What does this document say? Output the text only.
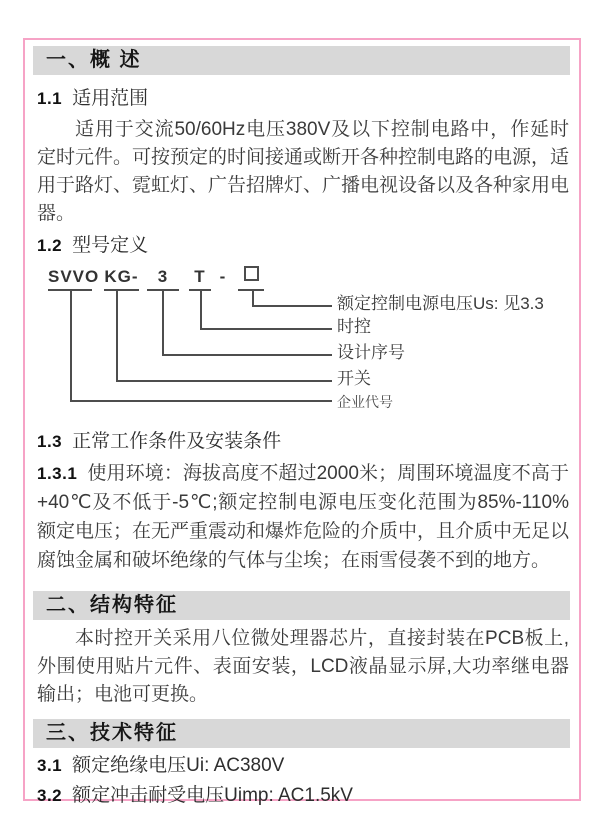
一、概 述

1.1 适用范围

适用于交流50/60Hz电压380V及以下控制电路中，作延时定时元件。可按预定的时间接通或断开各种控制电路的电源，适用于路灯、霓虹灯、广告招牌灯、广播电视设备以及各种家用电器。

1.2 型号定义

SVVO KG-	3	T -
额定控制电源电压Us: 见3.3
时控
设计序号
开关
企业代号

1.3 正常工作条件及安装条件

1.3.1 使用环境：海拔高度不超过2000米；周围环境温度不高于+40℃及不低于-5℃;额定控制电源电压变化范围为85%-110% 额定电压；在无严重震动和爆炸危险的介质中，且介质中无足以腐蚀金属和破坏绝缘的气体与尘埃；在雨雪侵袭不到的地方。

二、结构特征

本时控开关采用八位微处理器芯片，直接封装在PCB板上,外围使用贴片元件、表面安装，LCD液晶显示屏,大功率继电器输出；电池可更换。

三、技术特征

3.1 额定绝缘电压Ui: AC380V

3.2 额定冲击耐受电压Uimp: AC1.5kV
